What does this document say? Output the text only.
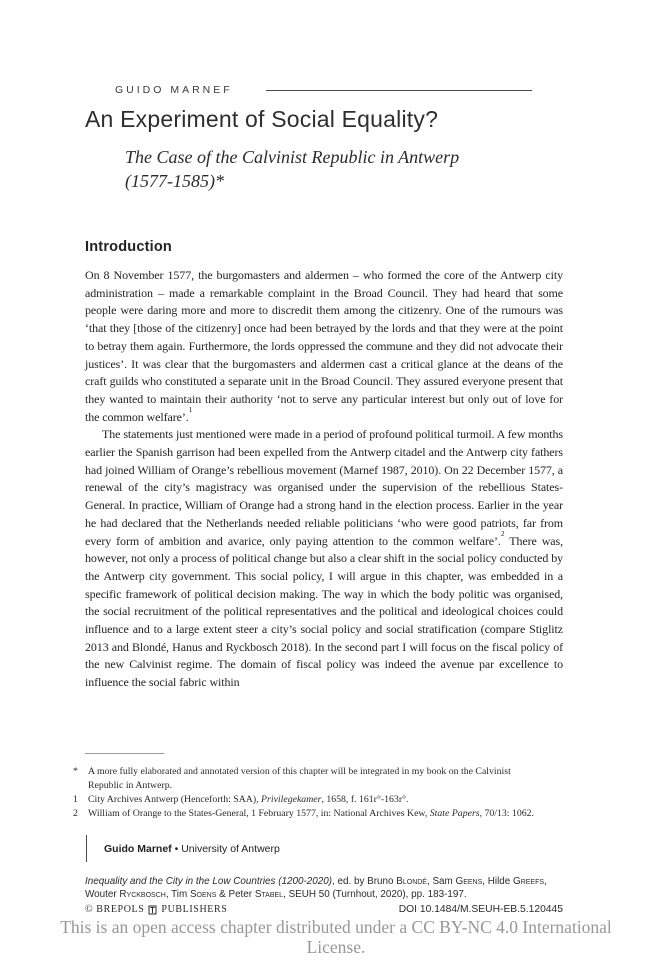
GUIDO MARNEF
An Experiment of Social Equality?
The Case of the Calvinist Republic in Antwerp
(1577-1585)*
Introduction

On 8 November 1577, the burgomasters and aldermen – who formed the core of the Antwerp city administration – made a remarkable complaint in the Broad Council. They had heard that some people were daring more and more to discredit them among the citizenry. One of the rumours was ‘that they [those of the citizenry] once had been betrayed by the lords and that they were at the point to betray them again. Furthermore, the lords oppressed the commune and they did not advocate their justices’. It was clear that the burgomasters and aldermen cast a critical glance at the deans of the craft guilds who constituted a separate unit in the Broad Council. They assured everyone present that they wanted to maintain their authority ‘not to serve any particular interest but only out of love for the common welfare’.$^1$

The statements just mentioned were made in a period of profound political turmoil. A few months earlier the Spanish garrison had been expelled from the Antwerp citadel and the Antwerp city fathers had joined William of Orange’s rebellious movement (Marnef 1987, 2010). On 22 December 1577, a renewal of the city’s magistracy was organised under the supervision of the rebellious States-General. In practice, William of Orange had a strong hand in the election process. Earlier in the year he had declared that the Netherlands needed reliable politicians ‘who were good patriots, far from every form of ambition and avarice, only paying attention to the common welfare’.$^2$ There was, however, not only a process of political change but also a clear shift in the social policy conducted by the Antwerp city government. This social policy, I will argue in this chapter, was embedded in a specific framework of political decision making. The way in which the body politic was organised, the social recruitment of the political representatives and the political and ideological choices could influence and to a large extent steer a city’s social policy and social stratification (compare Stiglitz 2013 and Blondé, Hanus and Ryckbosch 2018). In the second part I will focus on the fiscal policy of the new Calvinist regime. The domain of fiscal policy was indeed the avenue par excellence to influence the social fabric within

*	A more fully elaborated and annotated version of this chapter will be integrated in my book on the Calvinist
Republic in Antwerp.
1	City Archives Antwerp (Henceforth: SAA), Privilegekamer, 1658, f. 161r°-163r°.
2	William of Orange to the States-General, 1 February 1577, in: National Archives Kew, State Papers, 70/13: 1062.
Guido Marnef • University of Antwerp
Inequality and the City in the Low Countries (1200-2020), ed. by Bruno Blondé, Sam Geens, Hilde Greefs,
Wouter Ryckbosch, Tim Soens & Peter Stabel, SEUH 50 (Turnhout, 2020), pp. 183-197.
© BREPOLS PUBLISHERS	DOI 10.1484/M.SEUH-EB.5.120445
This is an open access chapter distributed under a CC BY-NC 4.0 International
License.
